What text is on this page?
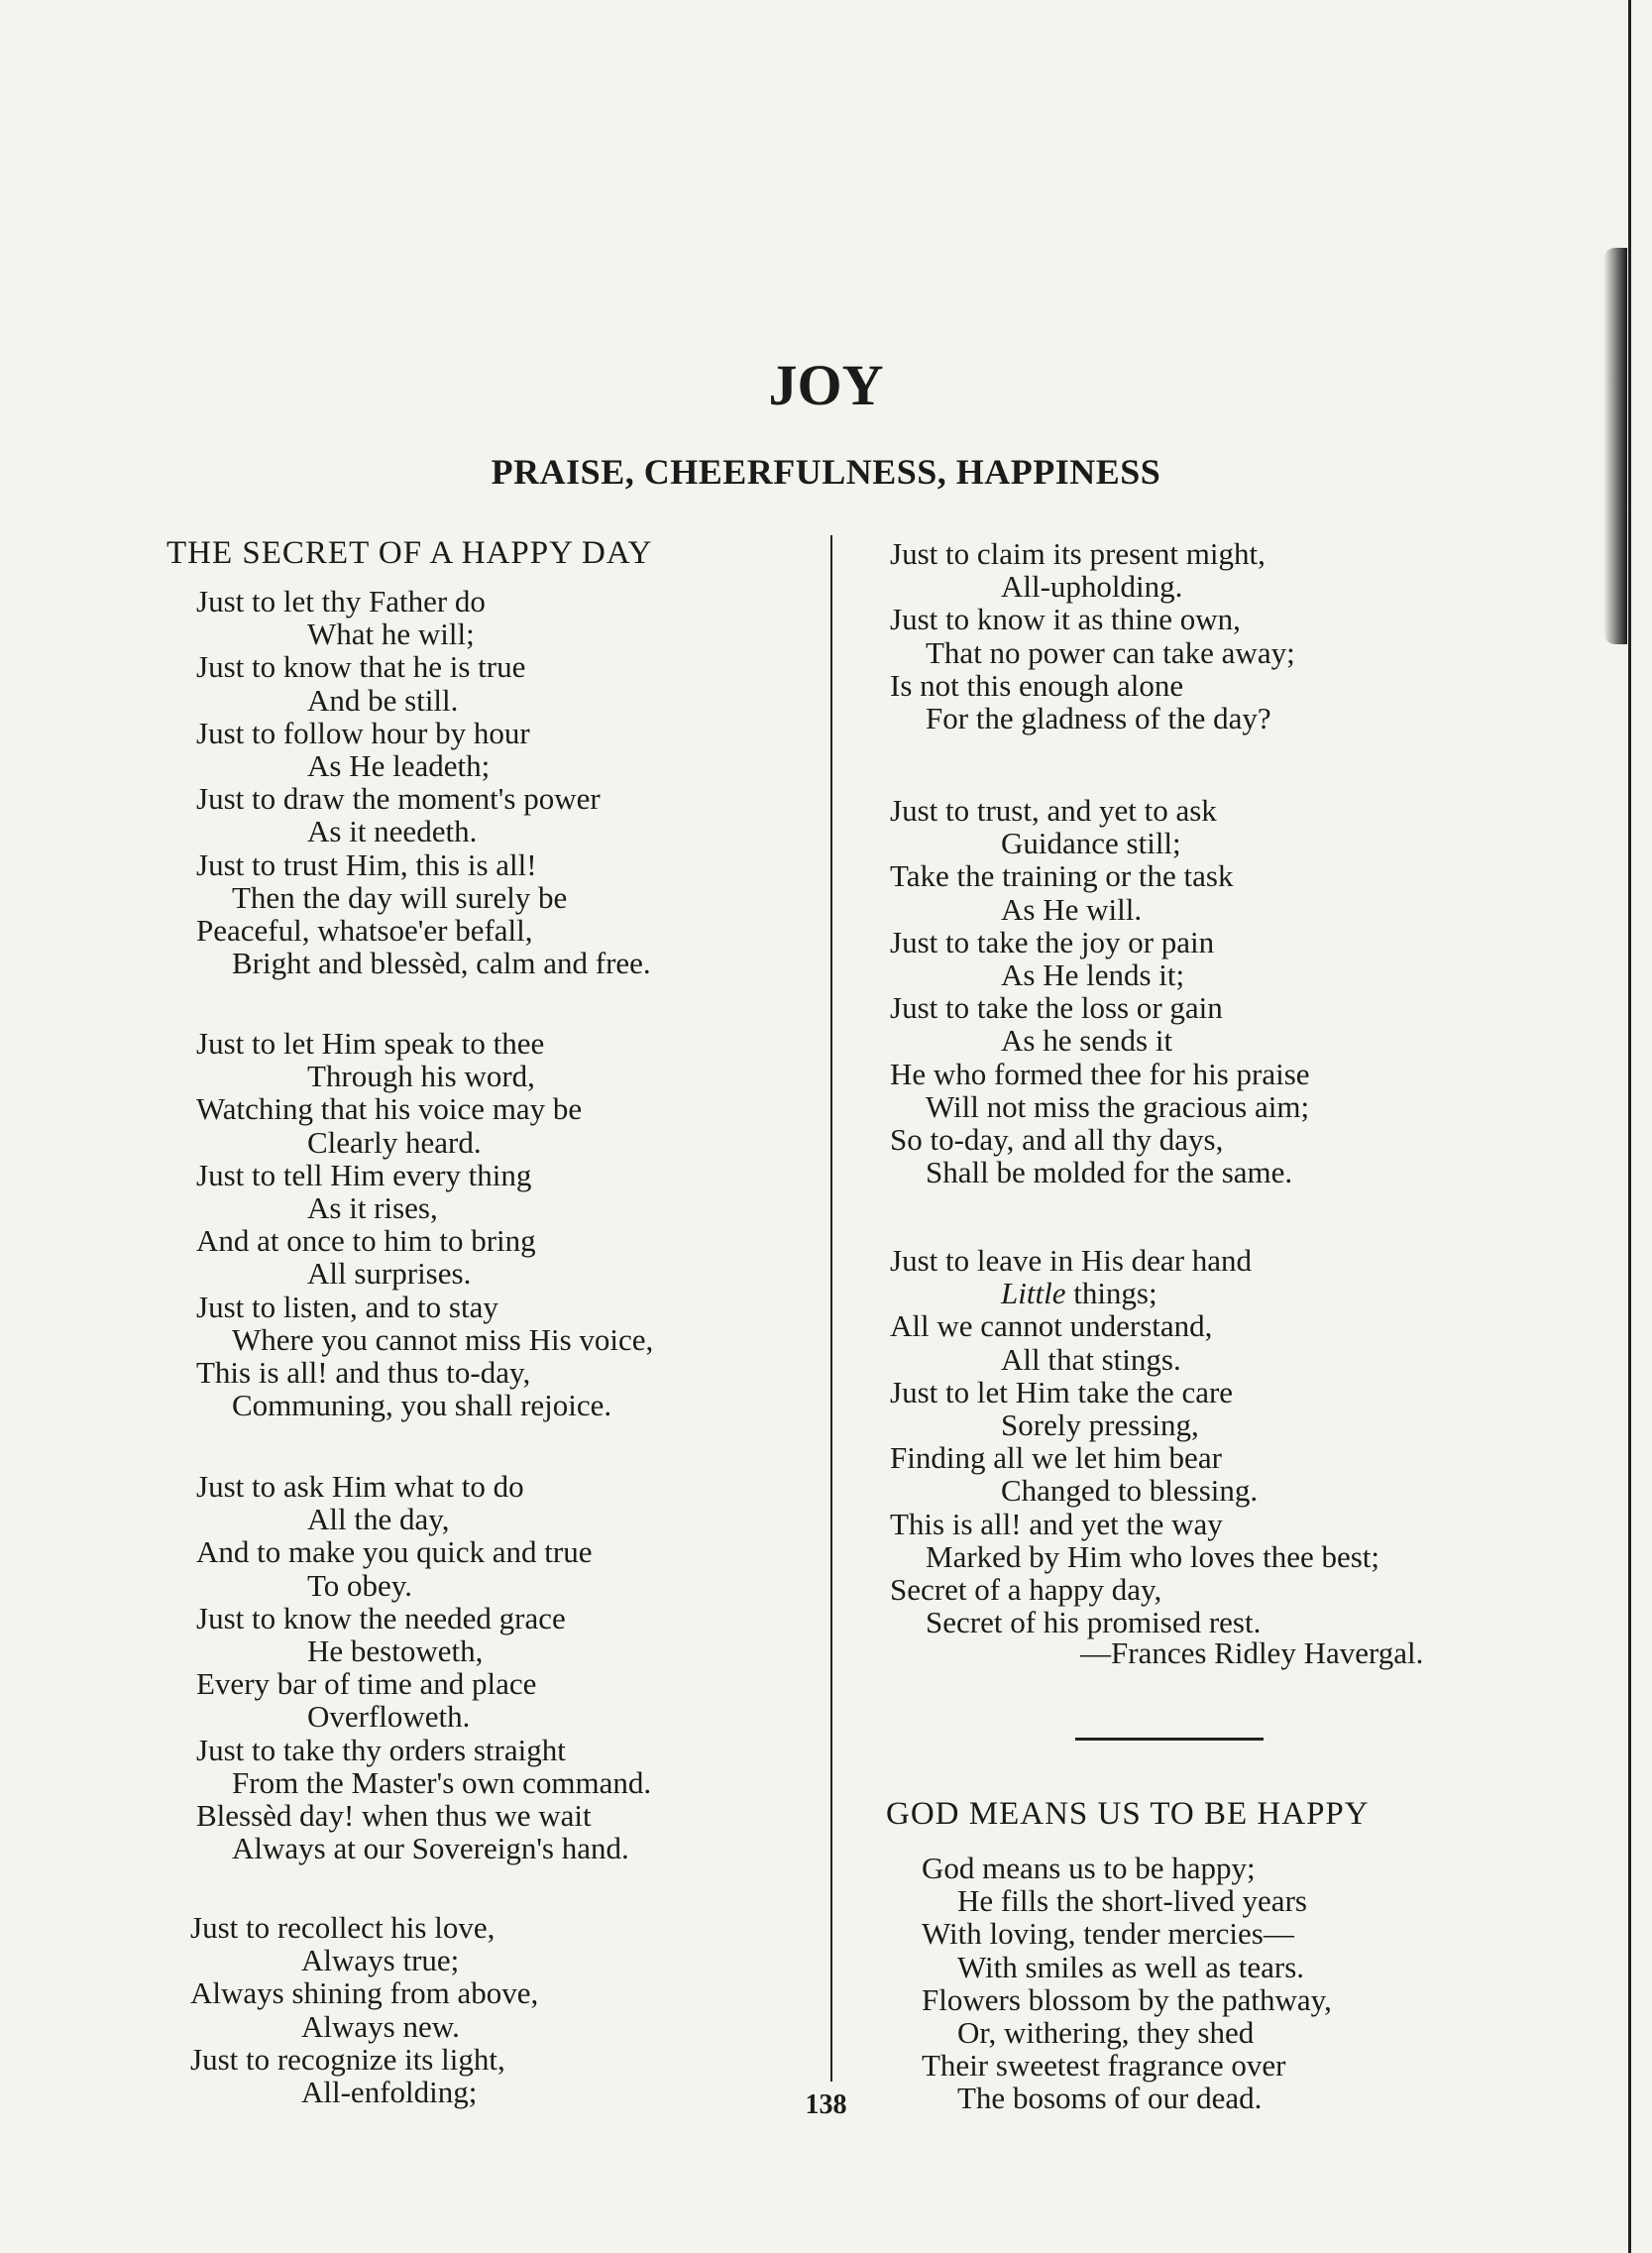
JOY
PRAISE, CHEERFULNESS, HAPPINESS
THE SECRET OF A HAPPY DAY
Just to let thy Father do
What he will;
Just to know that he is true
And be still.
Just to follow hour by hour
As He leadeth;
Just to draw the moment's power
As it needeth.
Just to trust Him, this is all!
Then the day will surely be
Peaceful, whatsoe'er befall,
Bright and blessèd, calm and free.
Just to let Him speak to thee
Through his word,
Watching that his voice may be
Clearly heard.
Just to tell Him every thing
As it rises,
And at once to him to bring
All surprises.
Just to listen, and to stay
Where you cannot miss His voice,
This is all! and thus to-day,
Communing, you shall rejoice.
Just to ask Him what to do
All the day,
And to make you quick and true
To obey.
Just to know the needed grace
He bestoweth,
Every bar of time and place
Overfloweth.
Just to take thy orders straight
From the Master's own command.
Blessèd day! when thus we wait
Always at our Sovereign's hand.
Just to recollect his love,
Always true;
Always shining from above,
Always new.
Just to recognize its light,
All-enfolding;
Just to claim its present might,
All-upholding.
Just to know it as thine own,
That no power can take away;
Is not this enough alone
For the gladness of the day?
Just to trust, and yet to ask
Guidance still;
Take the training or the task
As He will.
Just to take the joy or pain
As He lends it;
Just to take the loss or gain
As he sends it
He who formed thee for his praise
Will not miss the gracious aim;
So to-day, and all thy days,
Shall be molded for the same.
Just to leave in His dear hand
Little things;
All we cannot understand,
All that stings.
Just to let Him take the care
Sorely pressing,
Finding all we let him bear
Changed to blessing.
This is all! and yet the way
Marked by Him who loves thee best;
Secret of a happy day,
Secret of his promised rest.
—Frances Ridley Havergal.
GOD MEANS US TO BE HAPPY
God means us to be happy;
He fills the short-lived years
With loving, tender mercies—
With smiles as well as tears.
Flowers blossom by the pathway,
Or, withering, they shed
Their sweetest fragrance over
The bosoms of our dead.
138
